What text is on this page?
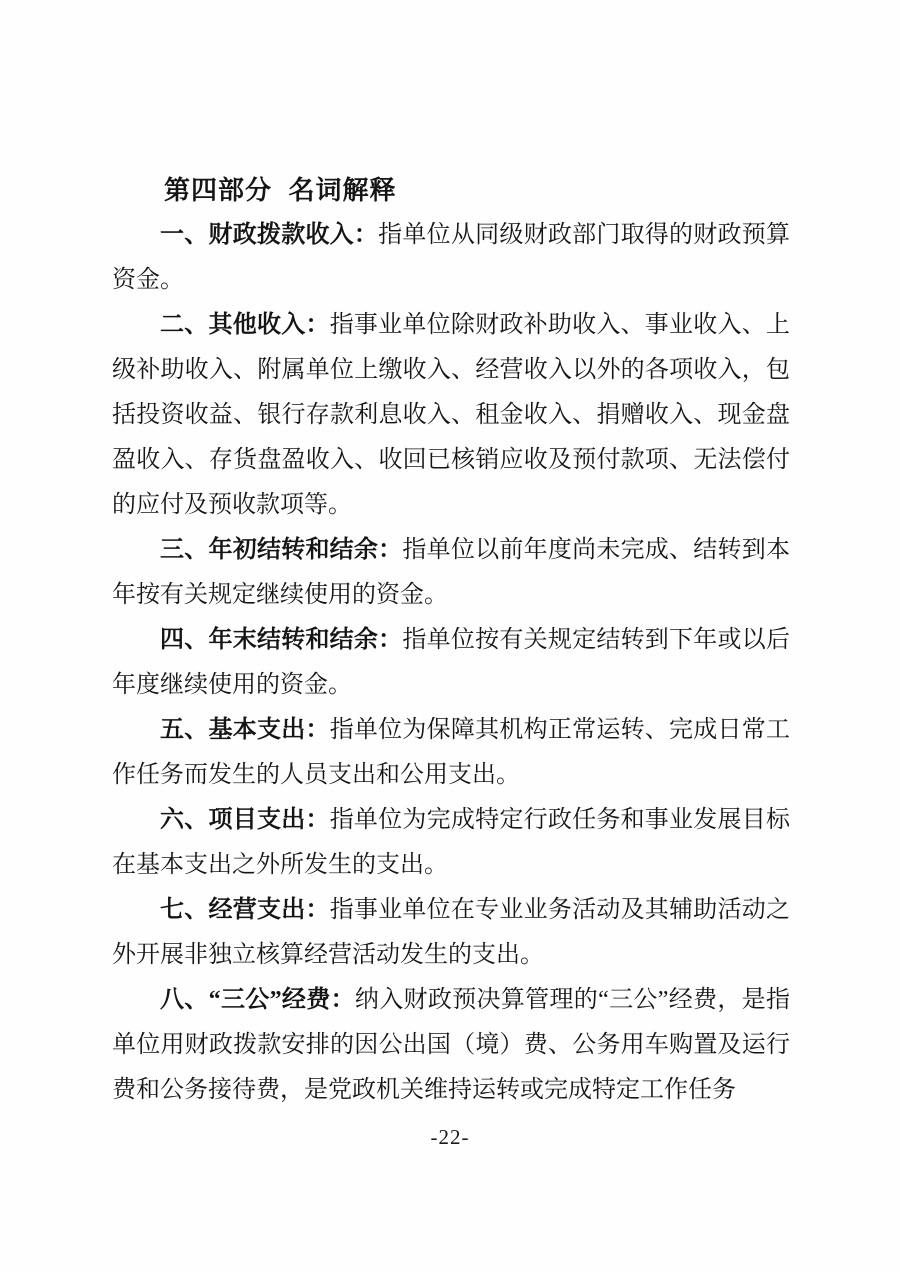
第四部分  名词解释

一、财政拨款收入：指单位从同级财政部门取得的财政预算资金。

二、其他收入：指事业单位除财政补助收入、事业收入、上级补助收入、附属单位上缴收入、经营收入以外的各项收入，包括投资收益、银行存款利息收入、租金收入、捐赠收入、现金盘盈收入、存货盘盈收入、收回已核销应收及预付款项、无法偿付的应付及预收款项等。

三、年初结转和结余：指单位以前年度尚未完成、结转到本年按有关规定继续使用的资金。

四、年末结转和结余：指单位按有关规定结转到下年或以后年度继续使用的资金。

五、基本支出：指单位为保障其机构正常运转、完成日常工作任务而发生的人员支出和公用支出。

六、项目支出：指单位为完成特定行政任务和事业发展目标在基本支出之外所发生的支出。

七、经营支出：指事业单位在专业业务活动及其辅助活动之外开展非独立核算经营活动发生的支出。

八、“三公”经费：纳入财政预决算管理的“三公”经费，是指单位用财政拨款安排的因公出国（境）费、公务用车购置及运行费和公务接待费，是党政机关维持运转或完成特定工作任务

-22-
